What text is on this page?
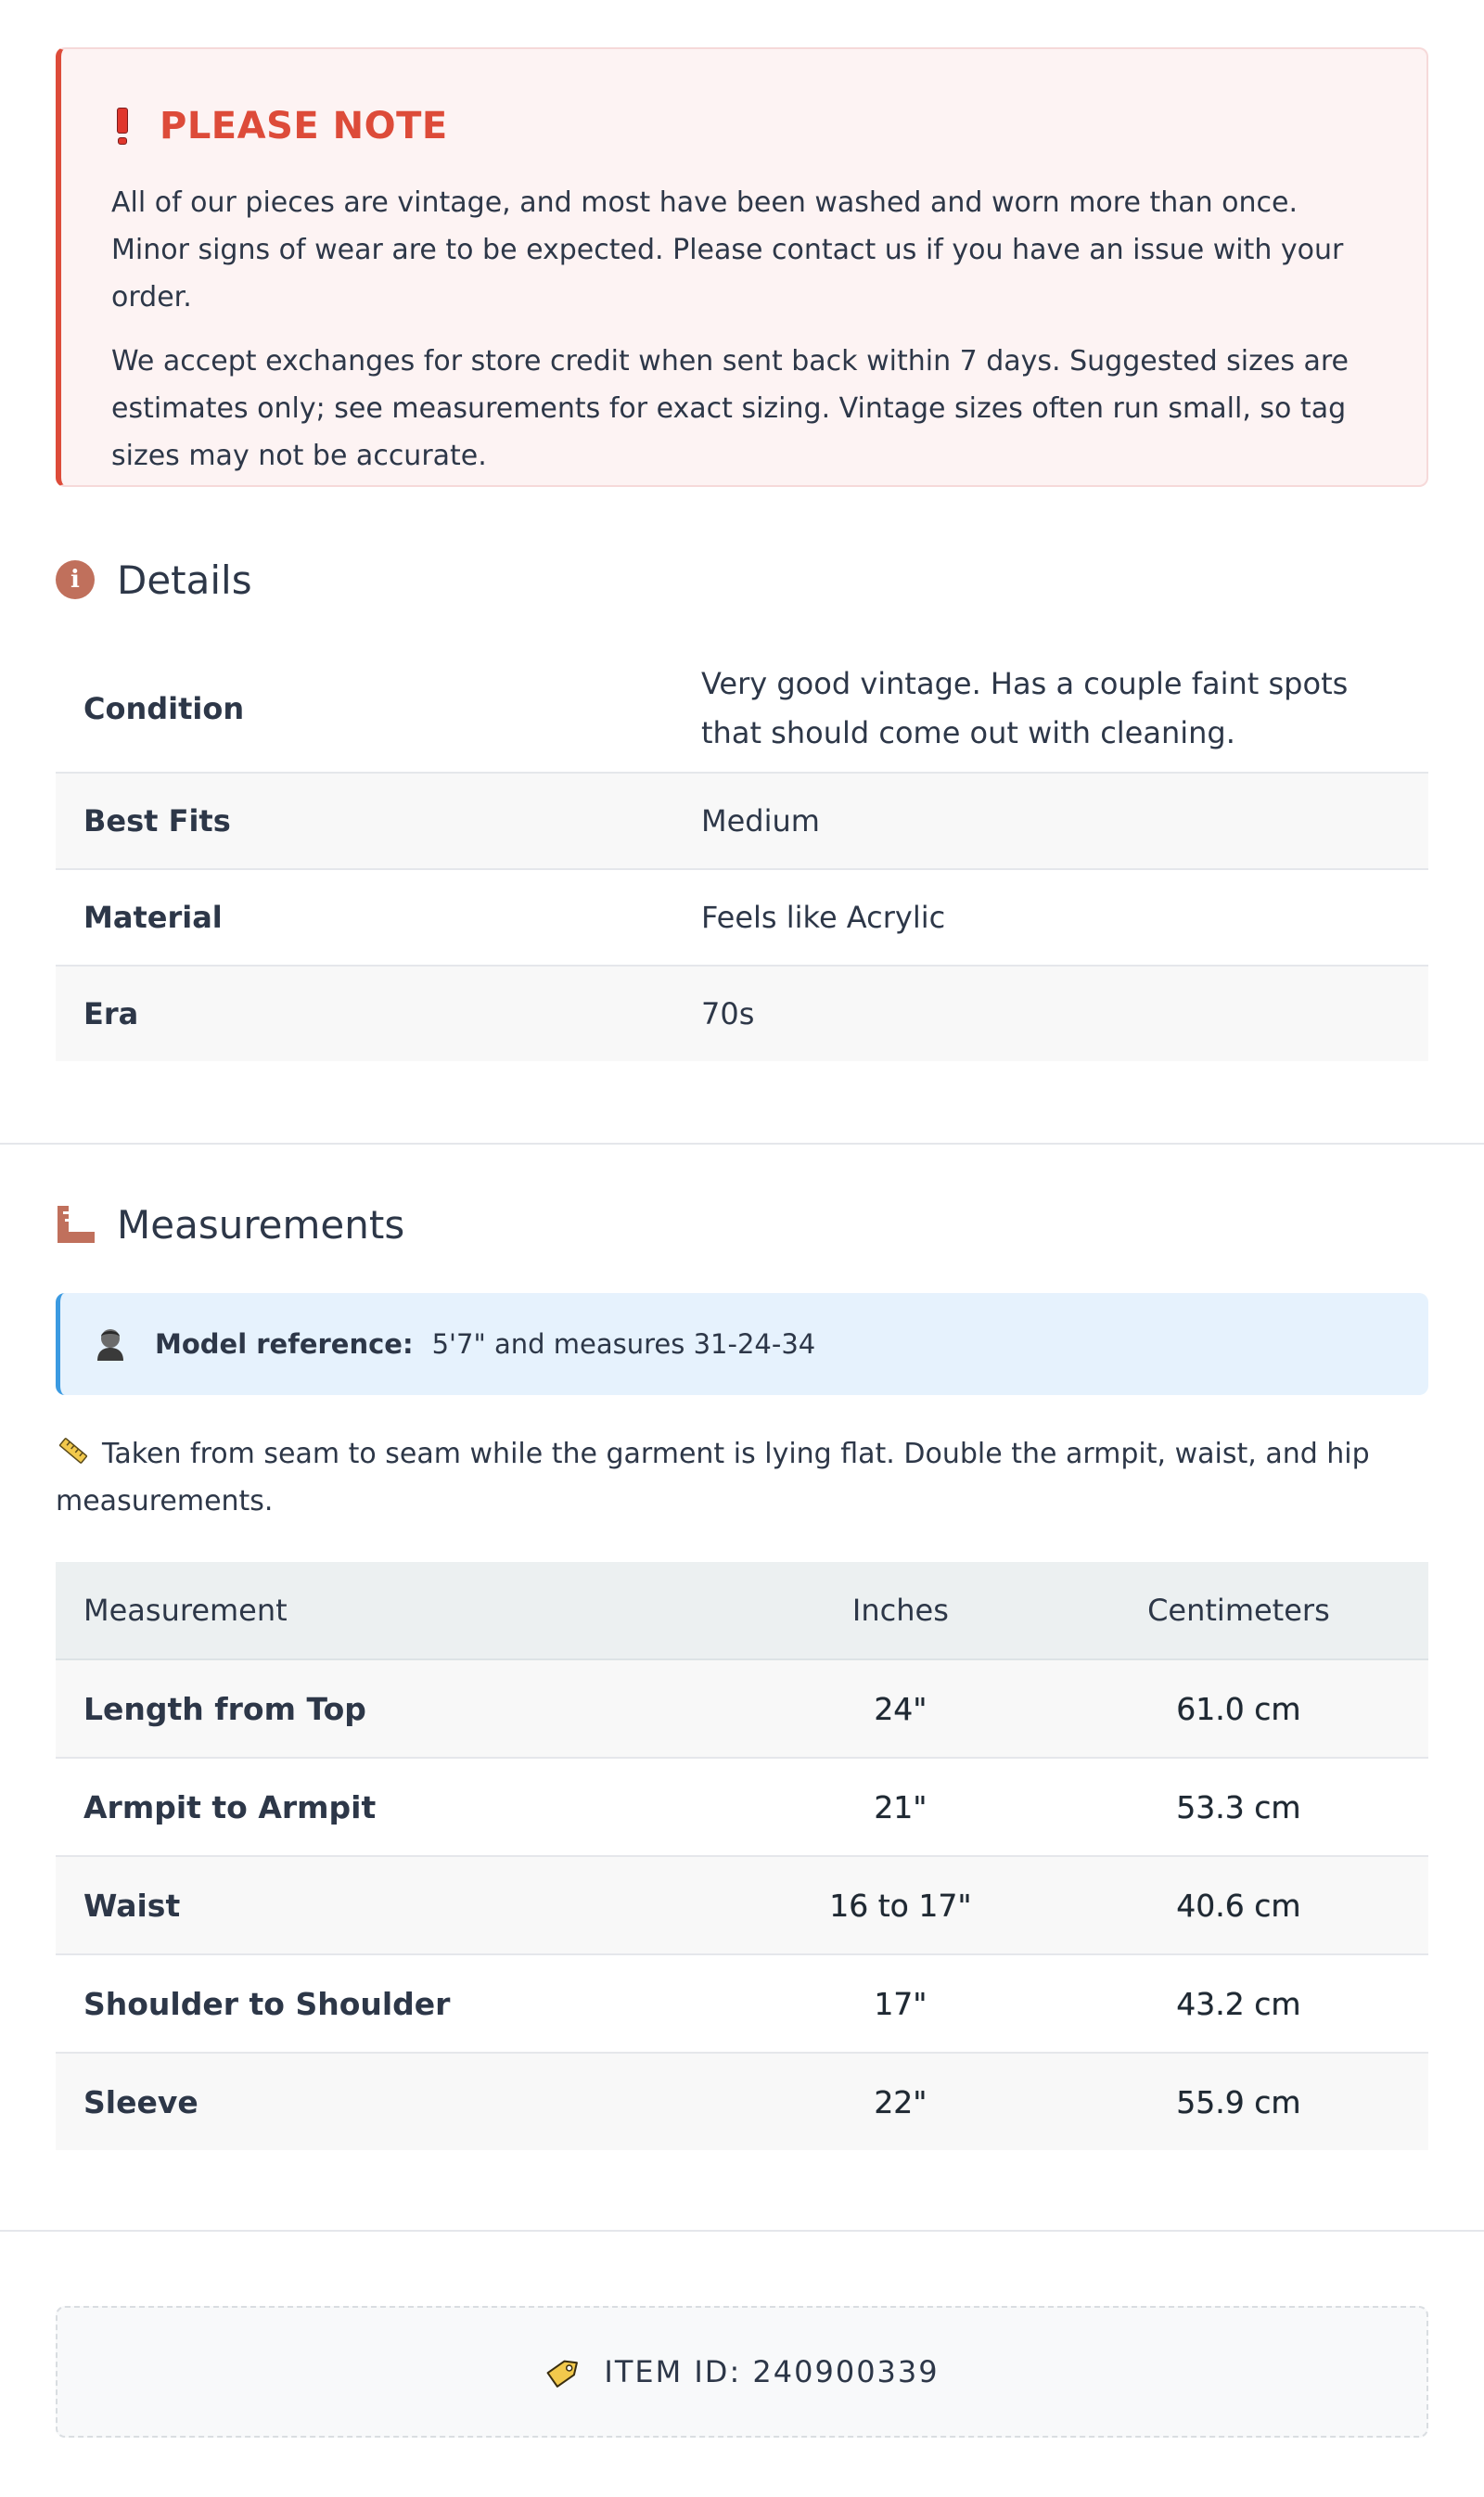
PLEASE NOTE

All of our pieces are vintage, and most have been washed and worn more than once. Minor signs of wear are to be expected. Please contact us if you have an issue with your order.

We accept exchanges for store credit when sent back within 7 days. Suggested sizes are estimates only; see measurements for exact sizing. Vintage sizes often run small, so tag sizes may not be accurate.

i Details
Condition	Very good vintage. Has a couple faint spots that should come out with cleaning.
Best Fits	Medium
Material	Feels like Acrylic
Era	70s
Measurements
Model reference: 5'7" and measures 31-24-34
Taken from seam to seam while the garment is lying flat. Double the armpit, waist, and hip measurements.
Measurement	Inches	Centimeters
Length from Top	24"	61.0 cm
Armpit to Armpit	21"	53.3 cm
Waist	16 to 17"	40.6 cm
Shoulder to Shoulder	17"	43.2 cm
Sleeve	22"	55.9 cm
ITEM ID: 240900339
